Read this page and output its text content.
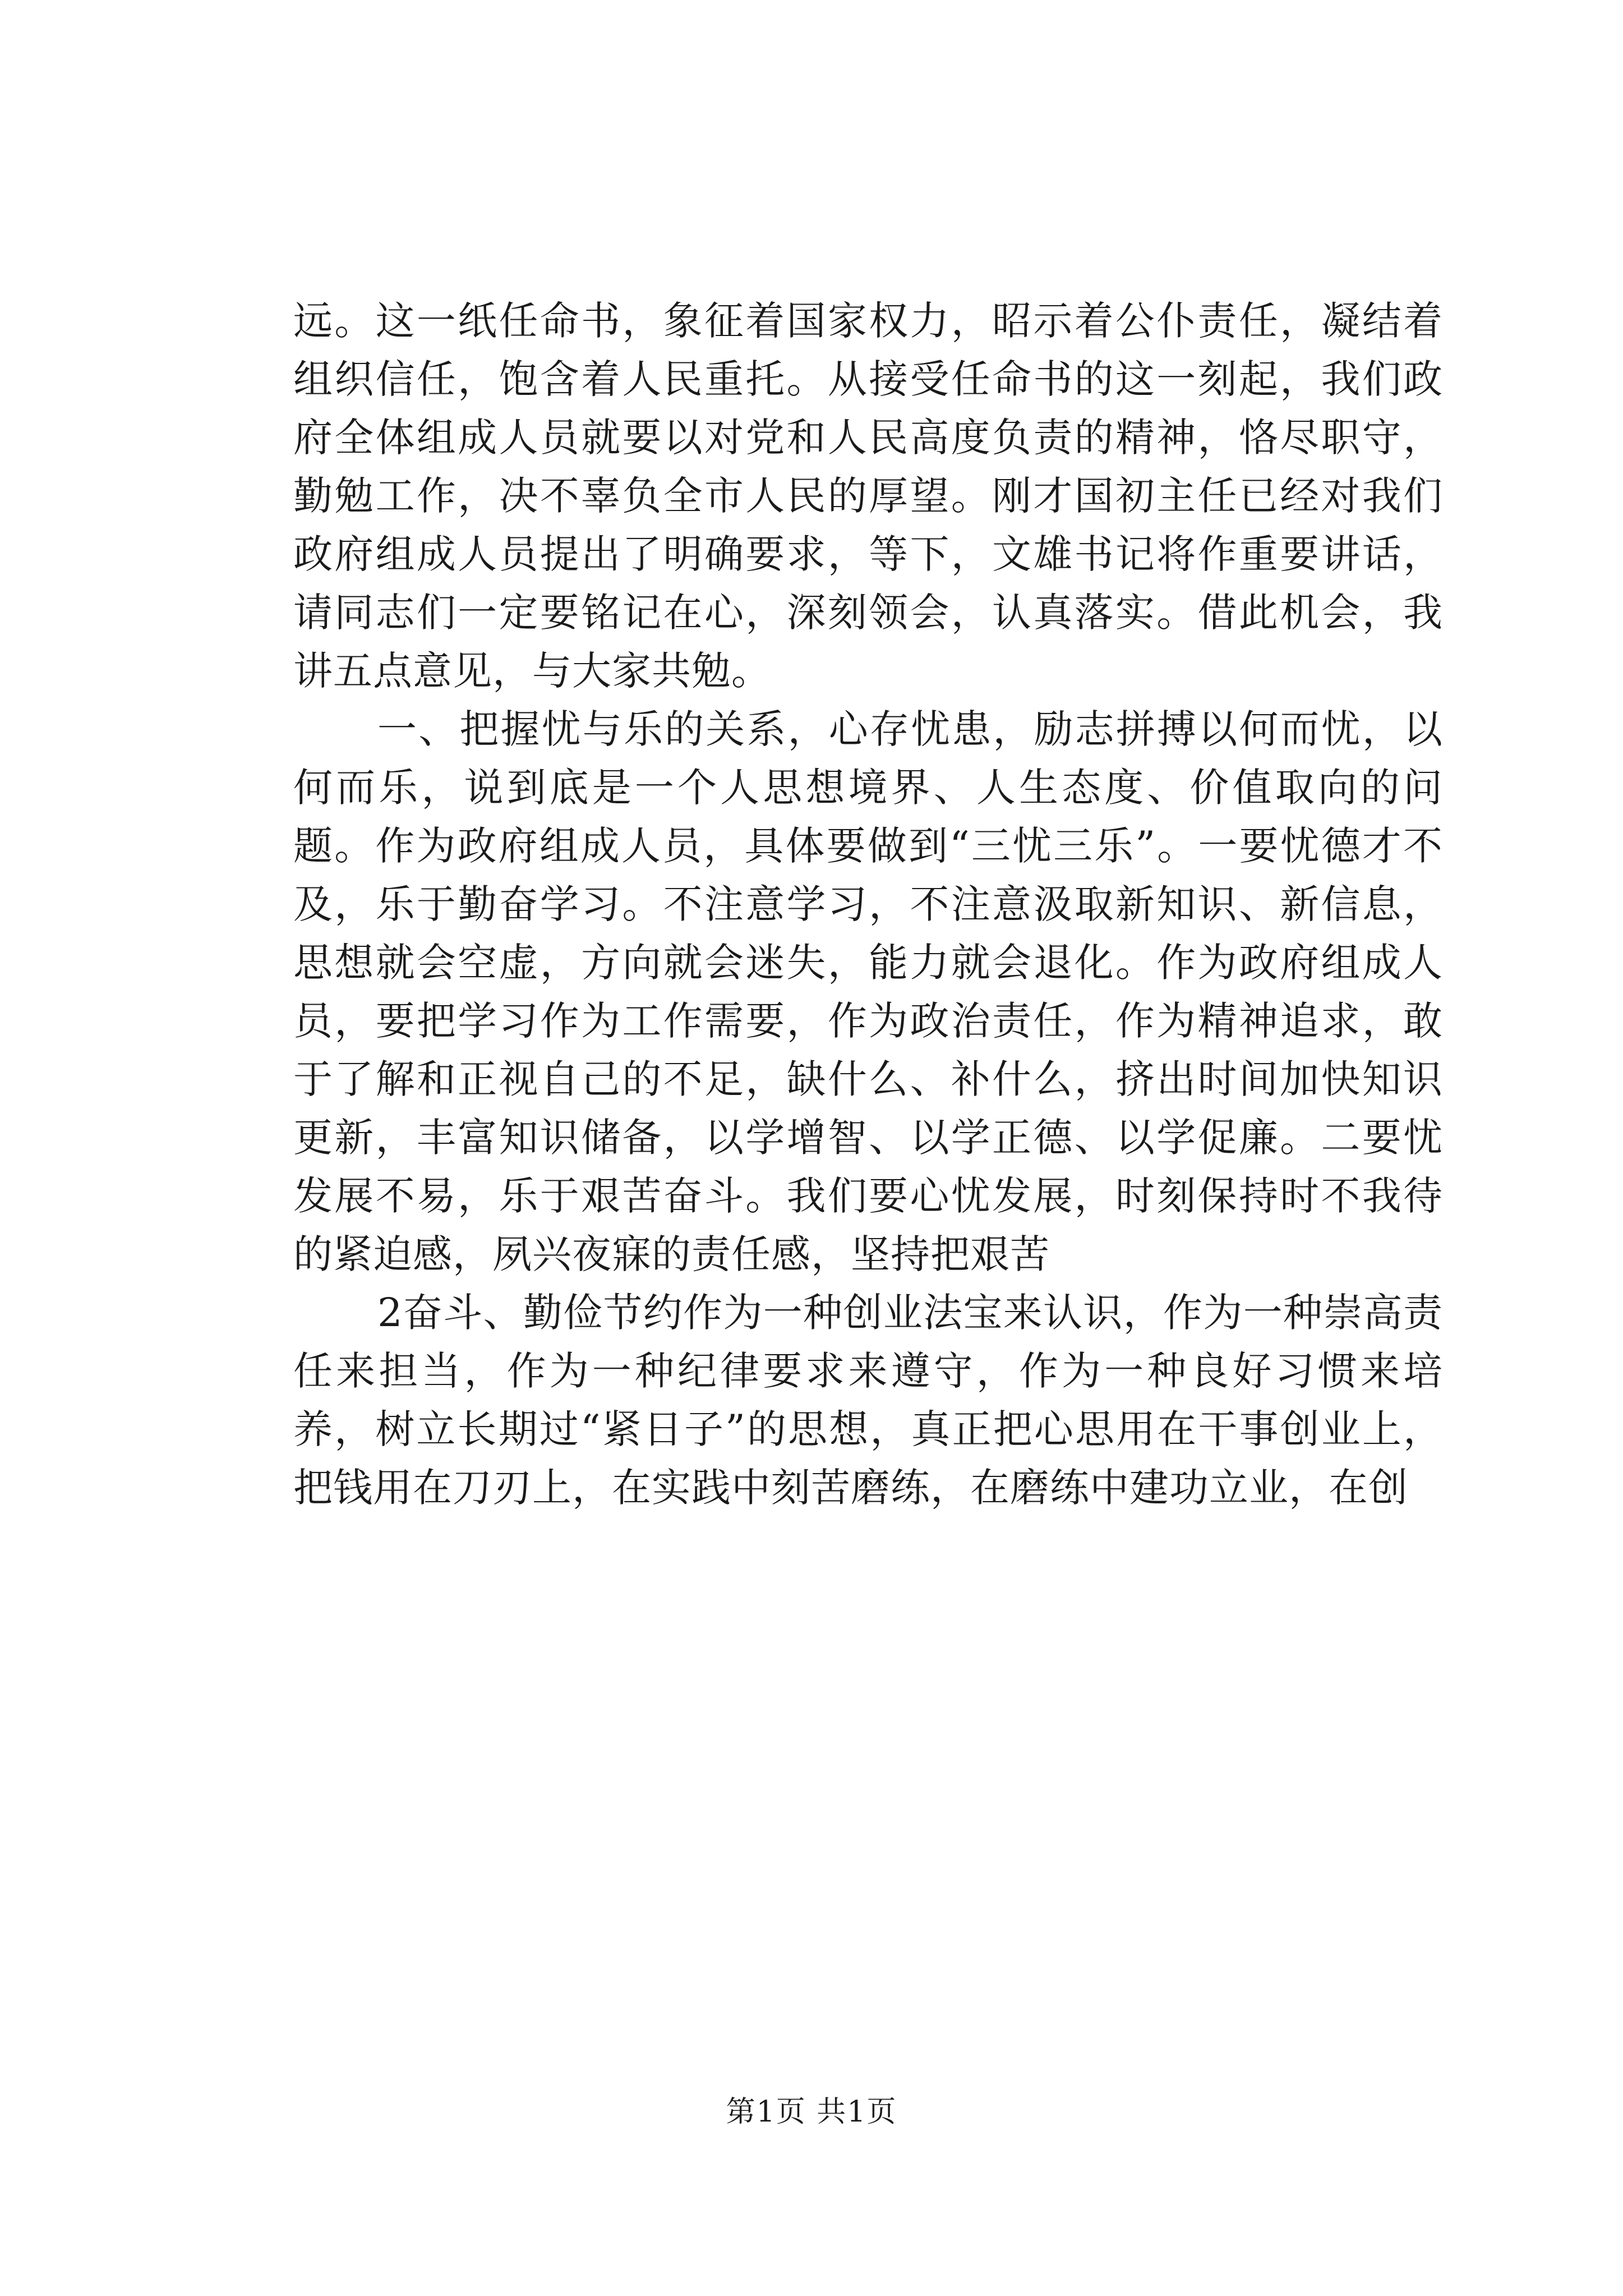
远。这一纸任命书，象征着国家权力，昭示着公仆责任，凝结着组织信任，饱含着人民重托。从接受任命书的这一刻起，我们政府全体组成人员就要以对党和人民高度负责的精神，恪尽职守，勤勉工作，决不辜负全市人民的厚望。刚才国初主任已经对我们政府组成人员提出了明确要求，等下，文雄书记将作重要讲话，请同志们一定要铭记在心，深刻领会，认真落实。借此机会，我讲五点意见，与大家共勉。

一、把握忧与乐的关系，心存忧患，励志拼搏以何而忧，以何而乐，说到底是一个人思想境界、人生态度、价值取向的问题。作为政府组成人员，具体要做到“三忧三乐”。一要忧德才不及，乐于勤奋学习。不注意学习，不注意汲取新知识、新信息，思想就会空虚，方向就会迷失，能力就会退化。作为政府组成人员，要把学习作为工作需要，作为政治责任，作为精神追求，敢于了解和正视自己的不足，缺什么、补什么，挤出时间加快知识更新，丰富知识储备，以学增智、以学正德、以学促廉。二要忧发展不易，乐于艰苦奋斗。我们要心忧发展，时刻保持时不我待的紧迫感，夙兴夜寐的责任感，坚持把艰苦

2奋斗、勤俭节约作为一种创业法宝来认识，作为一种崇高责任来担当，作为一种纪律要求来遵守，作为一种良好习惯来培养，树立长期过“紧日子”的思想，真正把心思用在干事创业上，把钱用在刀刃上，在实践中刻苦磨练，在磨练中建功立业，在创

第1页 共1页
